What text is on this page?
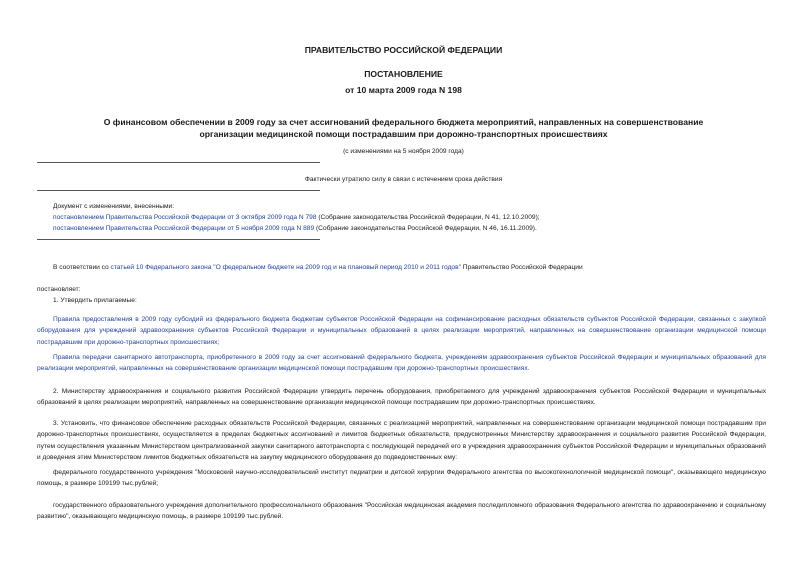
ПРАВИТЕЛЬСТВО РОССИЙСКОЙ ФЕДЕРАЦИИ
ПОСТАНОВЛЕНИЕ
от 10 марта 2009 года N 198
О финансовом обеспечении в 2009 году за счет ассигнований федерального бюджета мероприятий, направленных на совершенствование организации медицинской помощи пострадавшим при дорожно-транспортных происшествиях
(с изменениями на 5 ноября 2009 года)
Фактически утратило силу в связи с истечением срока действия
Документ с изменениями, внесенными:
постановлением Правительства Российской Федерации от 3 октября 2009 года N 798 (Собрание законодательства Российской Федерации, N 41, 12.10.2009);
постановлением Правительства Российской Федерации от 5 ноября 2009 года N 889 (Собрание законодательства Российской Федерации, N 46, 16.11.2009).
В соответствии со статьей 10 Федерального закона "О федеральном бюджете на 2009 год и на плановый период 2010 и 2011 годов" Правительство Российской Федерации
постановляет:
1. Утвердить прилагаемые:
Правила предоставления в 2009 году субсидий из федерального бюджета бюджетам субъектов Российской Федерации на софинансирование расходных обязательств субъектов Российской Федерации, связанных с закупкой оборудования для учреждений здравоохранения субъектов Российской Федерации и муниципальных образований в целях реализации мероприятий, направленных на совершенствование организации медицинской помощи пострадавшим при дорожно-транспортных происшествиях;
Правила передачи санитарного автотранспорта, приобретенного в 2009 году за счет ассигнований федерального бюджета, учреждениям здравоохранения субъектов Российской Федерации и муниципальных образований для реализации мероприятий, направленных на совершенствование организации медицинской помощи пострадавшим при дорожно-транспортных происшествиях.
2. Министерству здравоохранения и социального развития Российской Федерации утвердить перечень оборудования, приобретаемого для учреждений здравоохранения субъектов Российской Федерации и муниципальных образований в целях реализации мероприятий, направленных на совершенствование организации медицинской помощи пострадавшим при дорожно-транспортных происшествиях.
3. Установить, что финансовое обеспечение расходных обязательств Российской Федерации, связанных с реализацией мероприятий, направленных на совершенствование организации медицинской помощи пострадавшим при дорожно-транспортных происшествиях, осуществляется в пределах бюджетных ассигнований и лимитов бюджетных обязательств, предусмотренных Министерству здравоохранения и социального развития Российской Федерации, путем осуществления указанным Министерством централизованной закупки санитарного автотранспорта с последующей передачей его в учреждения здравоохранения субъектов Российской Федерации и муниципальных образований и доведения этим Министерством лимитов бюджетных обязательств на закупку медицинского оборудования до подведомственных ему:
федерального государственного учреждения "Московский научно-исследовательский институт педиатрии и детской хирургии Федерального агентства по высокотехнологичной медицинской помощи", оказывающего медицинскую помощь, в размере 109199 тыс.рублей;
государственного образовательного учреждения дополнительного профессионального образования "Российская медицинская академия последипломного образования Федерального агентства по здравоохранению и социальному развитию", оказывающего медицинскую помощь, в размере 109199 тыс.рублей.
